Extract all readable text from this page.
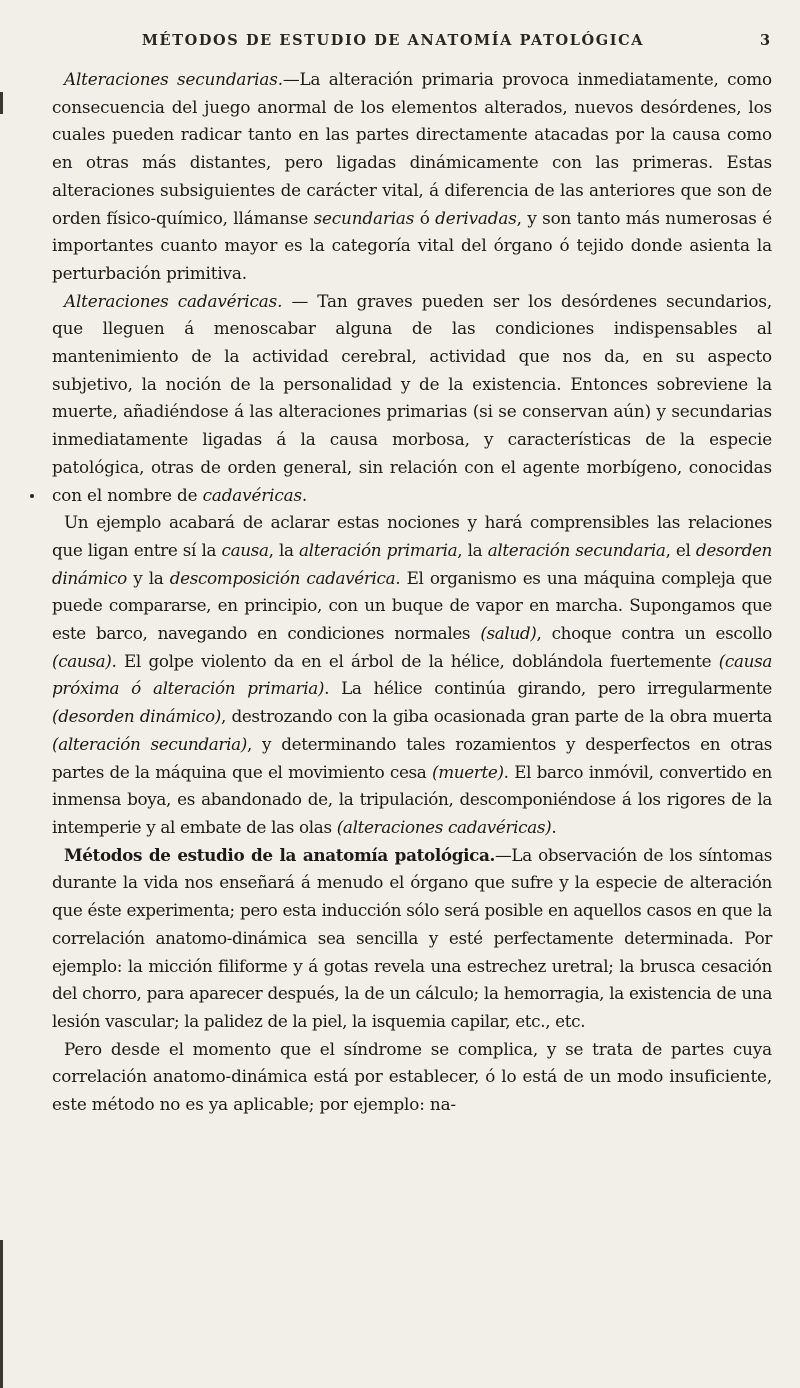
MÉTODOS DE ESTUDIO DE ANATOMÍA PATOLÓGICA	3

Alteraciones secundarias.—La alteración primaria provoca inmediatamente, como consecuencia del juego anormal de los elementos alterados, nuevos desórdenes, los cuales pueden radicar tanto en las partes directamente atacadas por la causa como en otras más distantes, pero ligadas dinámicamente con las primeras. Estas alteraciones subsiguientes de carácter vital, á diferencia de las anteriores que son de orden físico-químico, llámanse secundarias ó derivadas, y son tanto más numerosas é importantes cuanto mayor es la categoría vital del órgano ó tejido donde asienta la perturbación primitiva.

Alteraciones cadavéricas. — Tan graves pueden ser los desórdenes secundarios, que lleguen á menoscabar alguna de las condiciones indispensables al mantenimiento de la actividad cerebral, actividad que nos da, en su aspecto subjetivo, la noción de la personalidad y de la existencia. Entonces sobreviene la muerte, añadiéndose á las alteraciones primarias (si se conservan aún) y secundarias inmediatamente ligadas á la causa morbosa, y características de la especie patológica, otras de orden general, sin relación con el agente morbígeno, conocidas con el nombre de cadavéricas.

Un ejemplo acabará de aclarar estas nociones y hará comprensibles las relaciones que ligan entre sí la causa, la alteración primaria, la alteración secundaria, el desorden dinámico y la descomposición cadavérica. El organismo es una máquina compleja que puede compararse, en principio, con un buque de vapor en marcha. Supongamos que este barco, navegando en condiciones normales (salud), choque contra un escollo (causa). El golpe violento da en el árbol de la hélice, doblándola fuertemente (causa próxima ó alteración primaria). La hélice continúa girando, pero irregularmente (desorden dinámico), destrozando con la giba ocasionada gran parte de la obra muerta (alteración secundaria), y determinando tales rozamientos y desperfectos en otras partes de la máquina que el movimiento cesa (muerte). El barco inmóvil, convertido en inmensa boya, es abandonado de, la tripulación, descomponiéndose á los rigores de la intemperie y al embate de las olas (alteraciones cadavéricas).

Métodos de estudio de la anatomía patológica.—La observación de los síntomas durante la vida nos enseñará á menudo el órgano que sufre y la especie de alteración que éste experimenta; pero esta inducción sólo será posible en aquellos casos en que la correlación anatomo-dinámica sea sencilla y esté perfectamente determinada. Por ejemplo: la micción filiforme y á gotas revela una estrechez uretral; la brusca cesación del chorro, para aparecer después, la de un cálculo; la hemorragia, la existencia de una lesión vascular; la palidez de la piel, la isquemia capilar, etc., etc.

Pero desde el momento que el síndrome se complica, y se trata de partes cuya correlación anatomo-dinámica está por establecer, ó lo está de un modo insuficiente, este método no es ya aplicable; por ejemplo: na-
